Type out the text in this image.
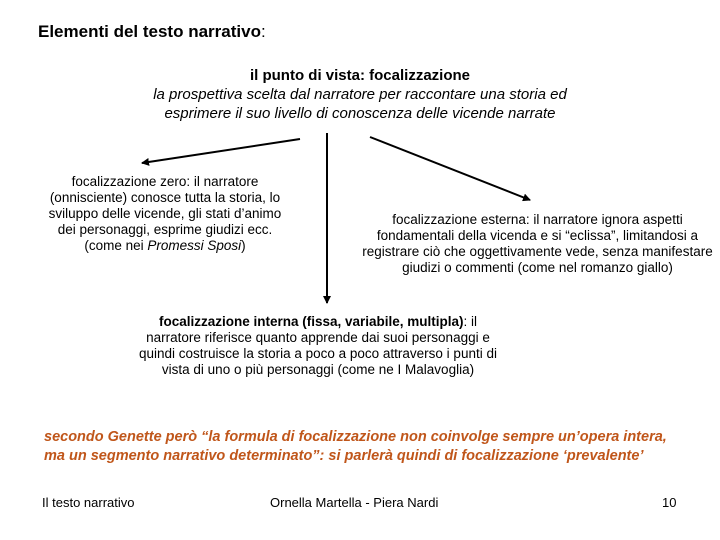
Elementi del testo narrativo:
il punto di vista: focalizzazione
la prospettiva scelta dal narratore per raccontare una storia ed
esprimere il suo livello di conoscenza delle vicende narrate
focalizzazione zero: il narratore (onnisciente) conosce tutta la storia, lo sviluppo delle vicende, gli stati d’animo dei personaggi, esprime giudizi ecc. (come nei Promessi Sposi)
focalizzazione esterna: il narratore ignora aspetti fondamentali della vicenda e si “eclissa”, limitandosi a registrare ciò che oggettivamente vede, senza manifestare giudizi o commenti (come nel romanzo giallo)
focalizzazione interna (fissa, variabile, multipla): il narratore riferisce quanto apprende dai suoi personaggi e quindi costruisce la storia a poco a poco attraverso i punti di vista di uno o più personaggi (come ne I Malavoglia)
secondo Genette però “la formula di focalizzazione non coinvolge sempre un’opera intera, ma un segmento narrativo determinato”: si parlerà quindi di focalizzazione ‘prevalente’
Il testo narrativo	Ornella Martella - Piera Nardi	10
